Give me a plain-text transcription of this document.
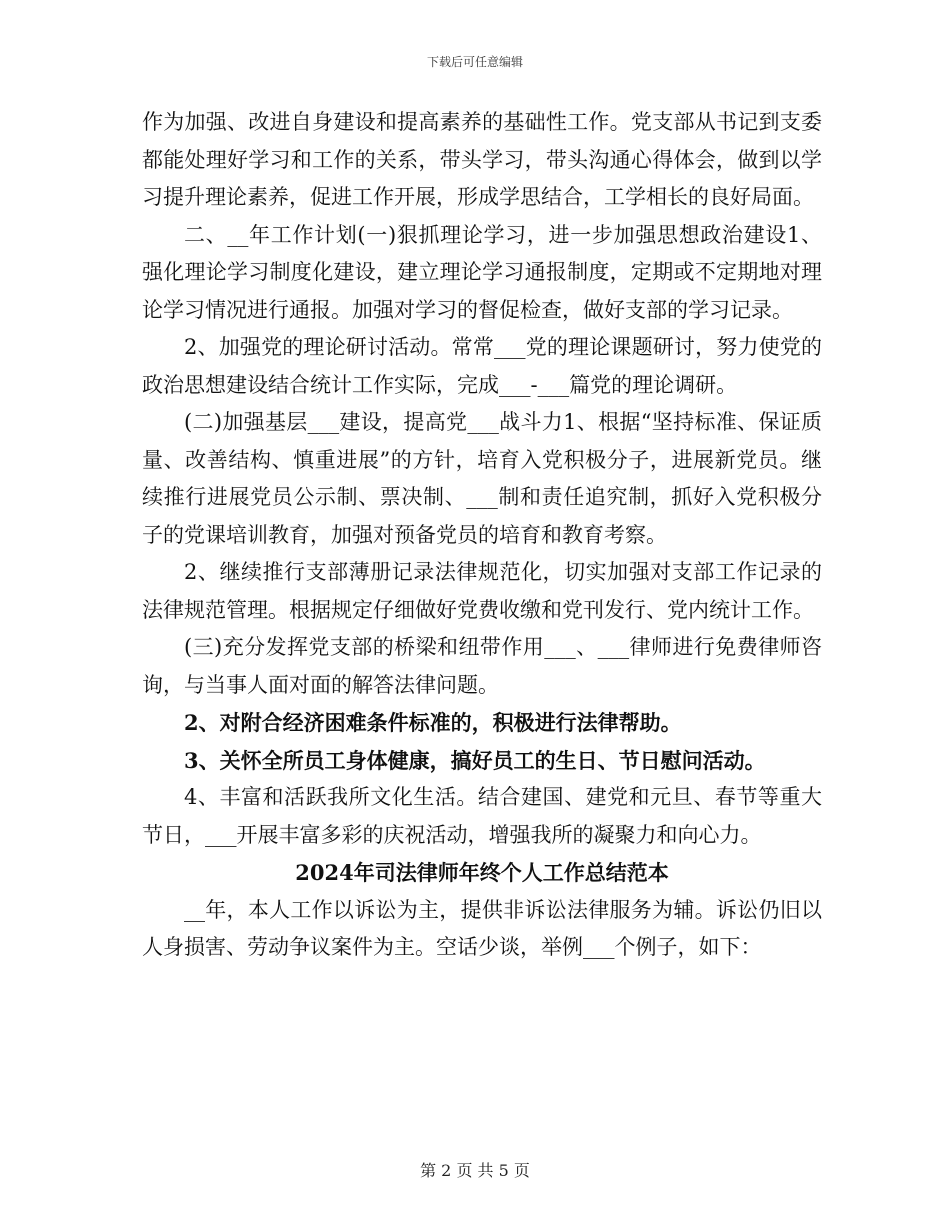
下载后可任意编辑

作为加强、改进自身建设和提高素养的基础性工作。党支部从书记到支委都能处理好学习和工作的关系，带头学习，带头沟通心得体会，做到以学习提升理论素养，促进工作开展，形成学思结合，工学相长的良好局面。

二、__年工作计划(一)狠抓理论学习，进一步加强思想政治建设1、强化理论学习制度化建设，建立理论学习通报制度，定期或不定期地对理论学习情况进行通报。加强对学习的督促检查，做好支部的学习记录。

2、加强党的理论研讨活动。常常___党的理论课题研讨，努力使党的政治思想建设结合统计工作实际，完成___-___篇党的理论调研。

(二)加强基层___建设，提高党___战斗力1、根据“坚持标准、保证质量、改善结构、慎重进展”的方针，培育入党积极分子，进展新党员。继续推行进展党员公示制、票决制、___制和责任追究制，抓好入党积极分子的党课培训教育，加强对预备党员的培育和教育考察。

2、继续推行支部薄册记录法律规范化，切实加强对支部工作记录的法律规范管理。根据规定仔细做好党费收缴和党刊发行、党内统计工作。

(三)充分发挥党支部的桥梁和纽带作用___、___律师进行免费律师咨询，与当事人面对面的解答法律问题。

2、对附合经济困难条件标准的，积极进行法律帮助。

3、关怀全所员工身体健康，搞好员工的生日、节日慰问活动。

4、丰富和活跃我所文化生活。结合建国、建党和元旦、春节等重大节日，___开展丰富多彩的庆祝活动，增强我所的凝聚力和向心力。

2024年司法律师年终个人工作总结范本

__年，本人工作以诉讼为主，提供非诉讼法律服务为辅。诉讼仍旧以人身损害、劳动争议案件为主。空话少谈，举例___个例子，如下：

第 2 页 共 5 页
